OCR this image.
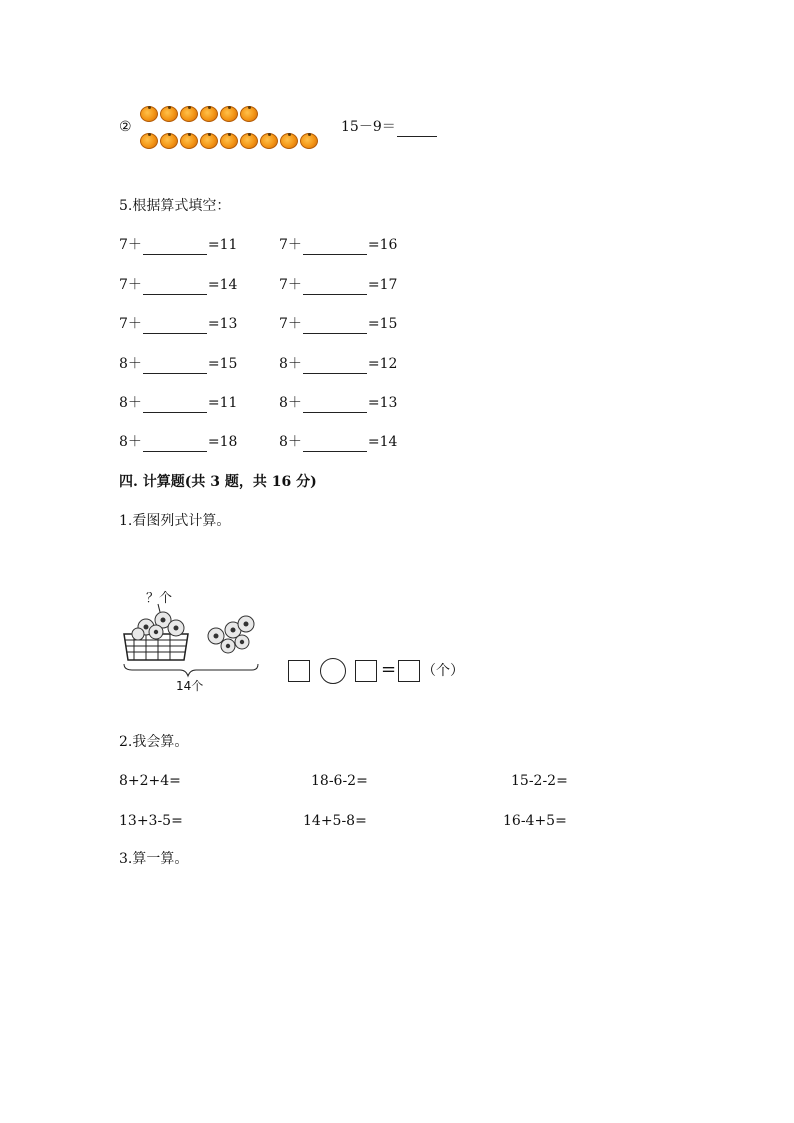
②	15－9＝
5.根据算式填空：
7＋	=11	7＋	=16
7＋	=14	7＋	=17
7＋	=13	7＋	=15
8＋	=15	8＋	=12
8＋	=11	8＋	=13
8＋	=18	8＋	=14
四. 计算题(共 3 题，共 16 分)
1.看图列式计算。
？个
14个
= （个）
2.我会算。
8+2+4=	18-6-2=	15-2-2=
13+3-5=	14+5-8=	16-4+5=
3.算一算。
